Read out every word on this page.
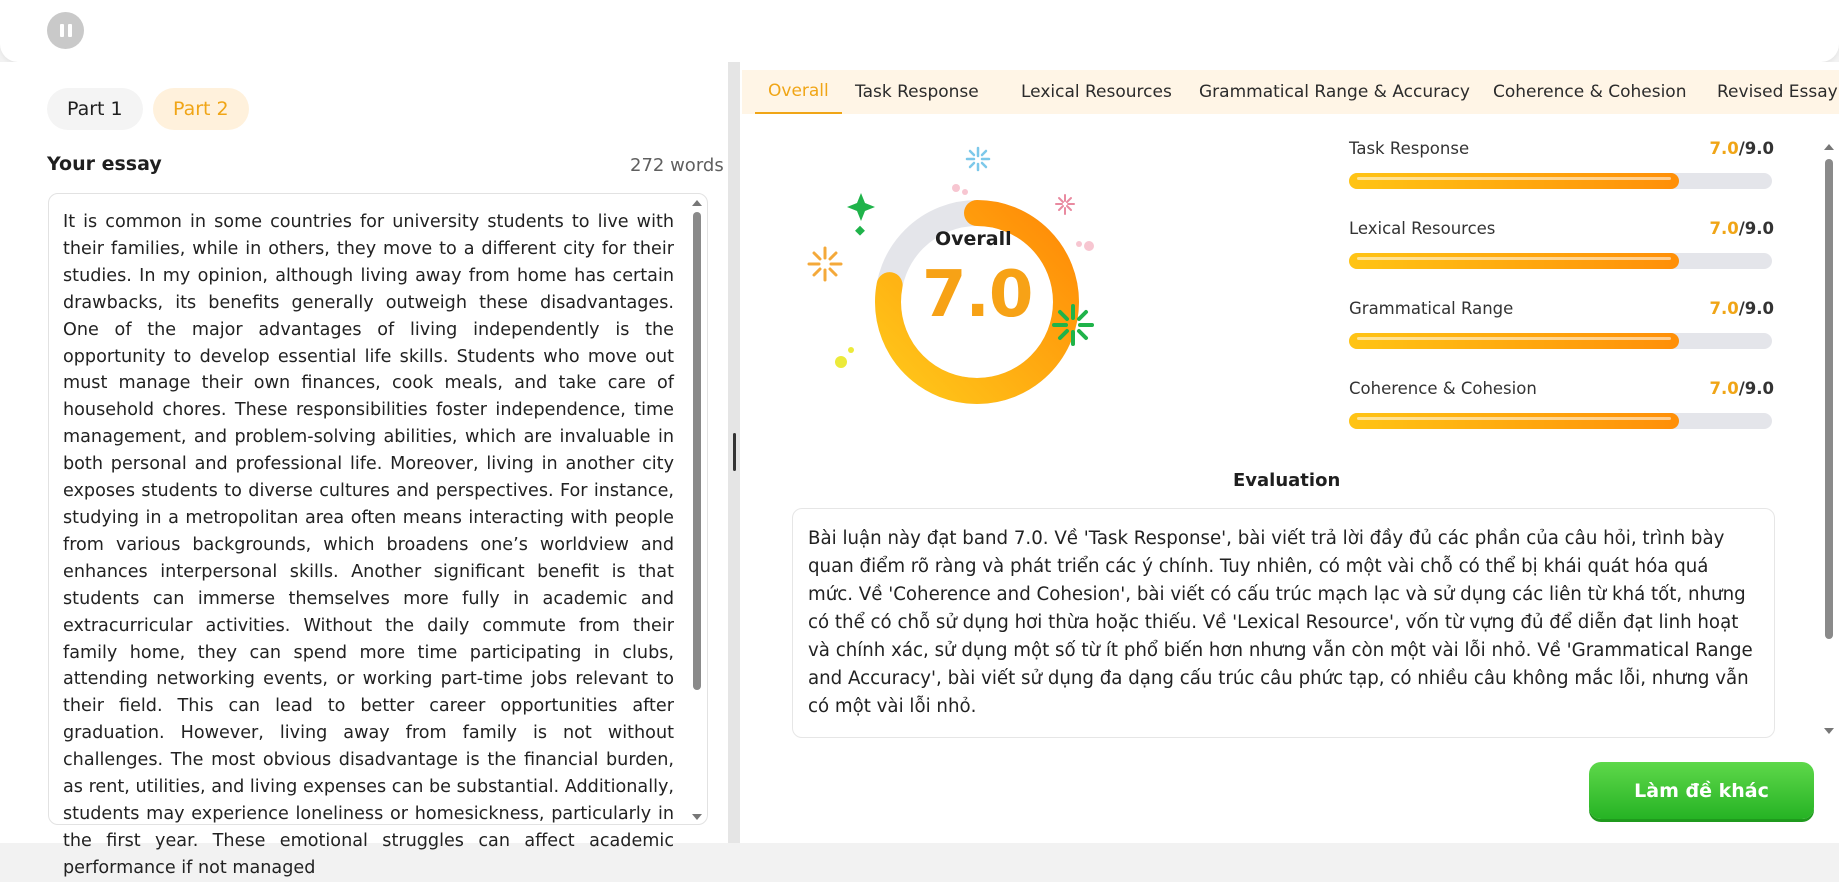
Part 1	Part 2
Your essay	272 words
It is common in some countries for university students to live with their families, while in others, they move to a different city for their studies. In my opinion, although living away from home has certain drawbacks, its benefits generally outweigh these disadvantages. One of the major advantages of living independently is the opportunity to develop essential life skills. Students who move out must manage their own finances, cook meals, and take care of household chores. These responsibilities foster independence, time management, and problem-solving abilities, which are invaluable in both personal and professional life. Moreover, living in another city exposes students to diverse cultures and perspectives. For instance, studying in a metropolitan area often means interacting with people from various backgrounds, which broadens one’s worldview and enhances interpersonal skills. Another significant benefit is that students can immerse themselves more fully in academic and extracurricular activities. Without the daily commute from their family home, they can spend more time participating in clubs, attending networking events, or working part-time jobs relevant to their field. This can lead to better career opportunities after graduation. However, living away from family is not without challenges. The most obvious disadvantage is the financial burden, as rent, utilities, and living expenses can be substantial. Additionally, students may experience loneliness or homesickness, particularly in the first year. These emotional struggles can affect academic performance if not managed
Overall	Task Response Lexical Resources Grammatical Range & Accuracy Coherence & Cohesion Revised Essay
Overall
7.0
Task Response	7.0/9.0
Lexical Resources	7.0/9.0
Grammatical Range	7.0/9.0
Coherence & Cohesion	7.0/9.0
Evaluation
Bài luận này đạt band 7.0. Về 'Task Response', bài viết trả lời đầy đủ các phần của câu hỏi, trình bày quan điểm rõ ràng và phát triển các ý chính. Tuy nhiên, có một vài chỗ có thể bị khái quát hóa quá mức. Về 'Coherence and Cohesion', bài viết có cấu trúc mạch lạc và sử dụng các liên từ khá tốt, nhưng có thể có chỗ sử dụng hơi thừa hoặc thiếu. Về 'Lexical Resource', vốn từ vựng đủ để diễn đạt linh hoạt và chính xác, sử dụng một số từ ít phổ biến hơn nhưng vẫn còn một vài lỗi nhỏ. Về 'Grammatical Range and Accuracy', bài viết sử dụng đa dạng cấu trúc câu phức tạp, có nhiều câu không mắc lỗi, nhưng vẫn có một vài lỗi nhỏ.
Làm đề khác
